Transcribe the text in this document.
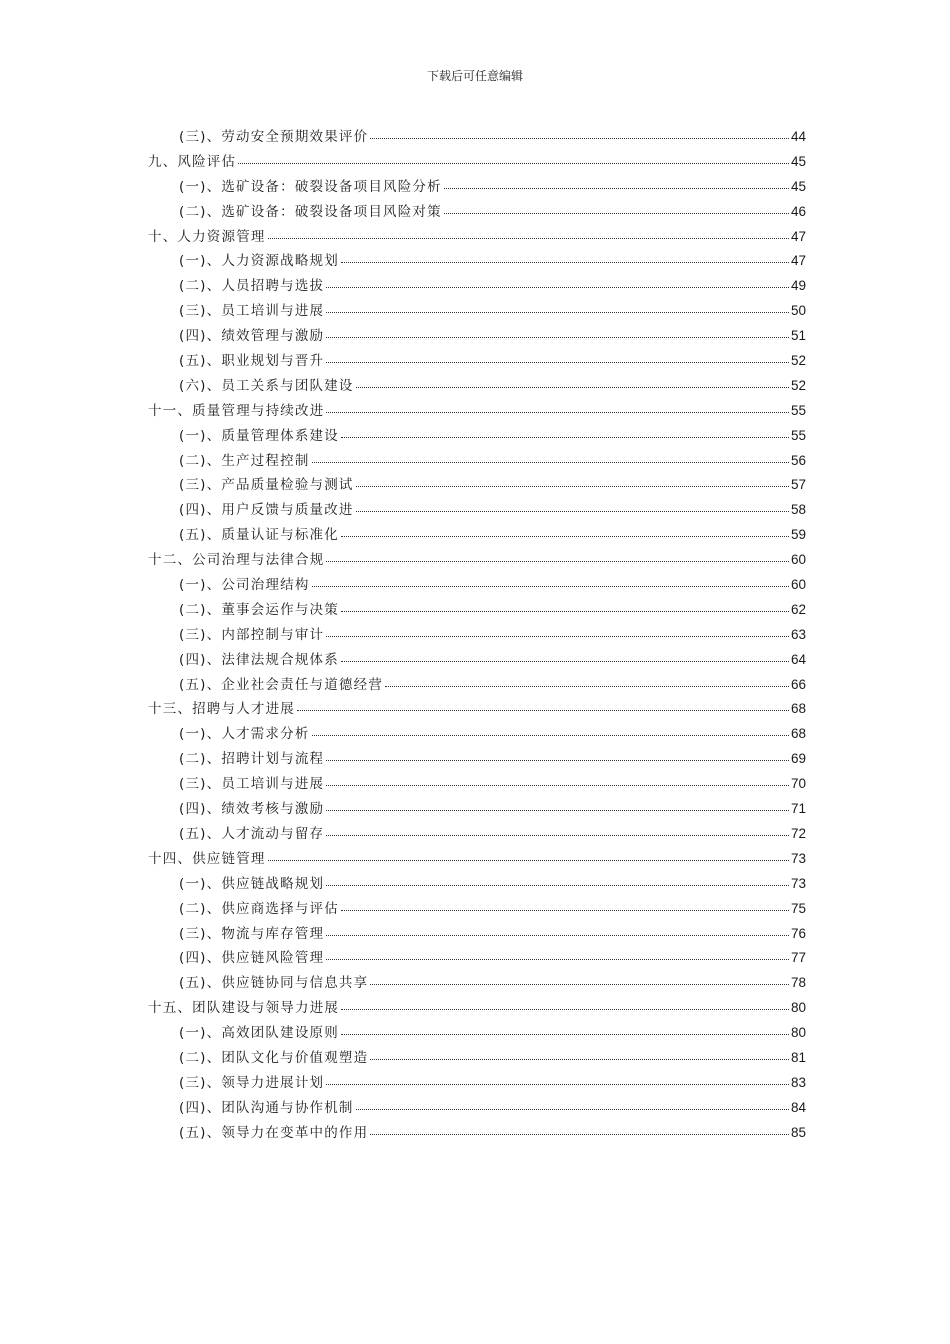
下载后可任意编辑
(三)、劳动安全预期效果评价	44
九、风险评估	45
(一)、选矿设备：破裂设备项目风险分析	45
(二)、选矿设备：破裂设备项目风险对策	46
十、人力资源管理	47
(一)、人力资源战略规划	47
(二)、人员招聘与选拔	49
(三)、员工培训与进展	50
(四)、绩效管理与激励	51
(五)、职业规划与晋升	52
(六)、员工关系与团队建设	52
十一、质量管理与持续改进	55
(一)、质量管理体系建设	55
(二)、生产过程控制	56
(三)、产品质量检验与测试	57
(四)、用户反馈与质量改进	58
(五)、质量认证与标准化	59
十二、公司治理与法律合规	60
(一)、公司治理结构	60
(二)、董事会运作与决策	62
(三)、内部控制与审计	63
(四)、法律法规合规体系	64
(五)、企业社会责任与道德经营	66
十三、招聘与人才进展	68
(一)、人才需求分析	68
(二)、招聘计划与流程	69
(三)、员工培训与进展	70
(四)、绩效考核与激励	71
(五)、人才流动与留存	72
十四、供应链管理	73
(一)、供应链战略规划	73
(二)、供应商选择与评估	75
(三)、物流与库存管理	76
(四)、供应链风险管理	77
(五)、供应链协同与信息共享	78
十五、团队建设与领导力进展	80
(一)、高效团队建设原则	80
(二)、团队文化与价值观塑造	81
(三)、领导力进展计划	83
(四)、团队沟通与协作机制	84
(五)、领导力在变革中的作用	85
